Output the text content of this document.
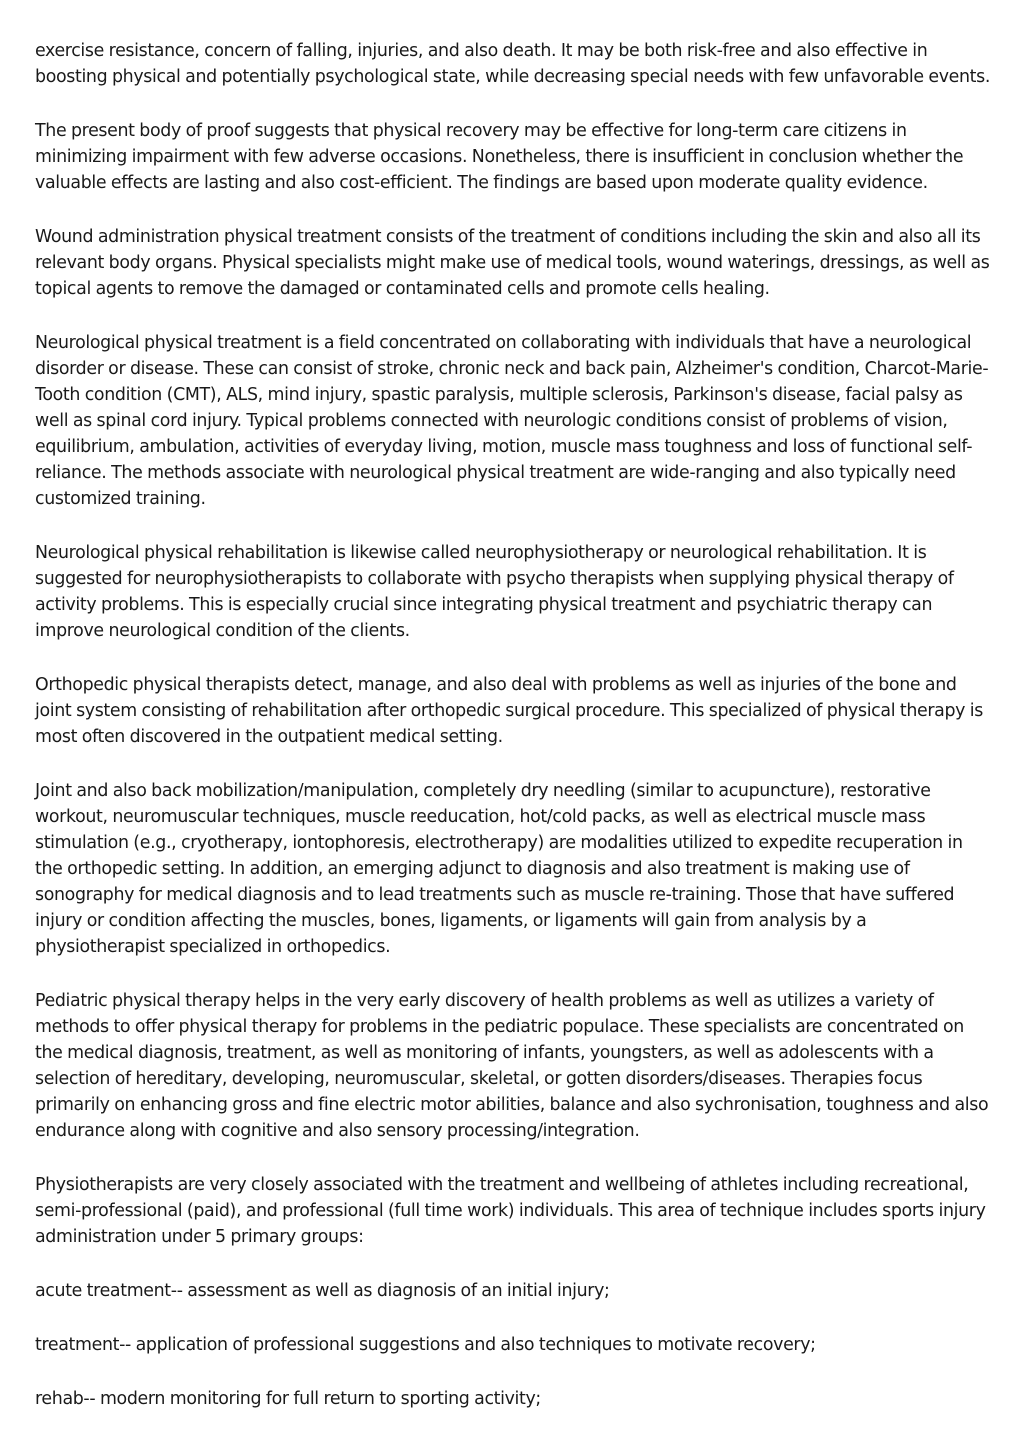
exercise resistance, concern of falling, injuries, and also death. It may be both risk-free and also effective in boosting physical and potentially psychological state, while decreasing special needs with few unfavorable events.

The present body of proof suggests that physical recovery may be effective for long-term care citizens in minimizing impairment with few adverse occasions. Nonetheless, there is insufficient in conclusion whether the valuable effects are lasting and also cost-efficient. The findings are based upon moderate quality evidence.

Wound administration physical treatment consists of the treatment of conditions including the skin and also all its relevant body organs. Physical specialists might make use of medical tools, wound waterings, dressings, as well as topical agents to remove the damaged or contaminated cells and promote cells healing.

Neurological physical treatment is a field concentrated on collaborating with individuals that have a neurological disorder or disease. These can consist of stroke, chronic neck and back pain, Alzheimer's condition, Charcot-Marie-Tooth condition (CMT), ALS, mind injury, spastic paralysis, multiple sclerosis, Parkinson's disease, facial palsy as well as spinal cord injury. Typical problems connected with neurologic conditions consist of problems of vision, equilibrium, ambulation, activities of everyday living, motion, muscle mass toughness and loss of functional self-reliance. The methods associate with neurological physical treatment are wide-ranging and also typically need customized training.

Neurological physical rehabilitation is likewise called neurophysiotherapy or neurological rehabilitation. It is suggested for neurophysiotherapists to collaborate with psycho therapists when supplying physical therapy of activity problems. This is especially crucial since integrating physical treatment and psychiatric therapy can improve neurological condition of the clients.

Orthopedic physical therapists detect, manage, and also deal with problems as well as injuries of the bone and joint system consisting of rehabilitation after orthopedic surgical procedure. This specialized of physical therapy is most often discovered in the outpatient medical setting.

Joint and also back mobilization/manipulation, completely dry needling (similar to acupuncture), restorative workout, neuromuscular techniques, muscle reeducation, hot/cold packs, as well as electrical muscle mass stimulation (e.g., cryotherapy, iontophoresis, electrotherapy) are modalities utilized to expedite recuperation in the orthopedic setting. In addition, an emerging adjunct to diagnosis and also treatment is making use of sonography for medical diagnosis and to lead treatments such as muscle re-training. Those that have suffered injury or condition affecting the muscles, bones, ligaments, or ligaments will gain from analysis by a physiotherapist specialized in orthopedics.

Pediatric physical therapy helps in the very early discovery of health problems as well as utilizes a variety of methods to offer physical therapy for problems in the pediatric populace. These specialists are concentrated on the medical diagnosis, treatment, as well as monitoring of infants, youngsters, as well as adolescents with a selection of hereditary, developing, neuromuscular, skeletal, or gotten disorders/diseases. Therapies focus primarily on enhancing gross and fine electric motor abilities, balance and also sychronisation, toughness and also endurance along with cognitive and also sensory processing/integration.

Physiotherapists are very closely associated with the treatment and wellbeing of athletes including recreational, semi-professional (paid), and professional (full time work) individuals. This area of technique includes sports injury administration under 5 primary groups:

acute treatment-- assessment as well as diagnosis of an initial injury;

treatment-- application of professional suggestions and also techniques to motivate recovery;

rehab-- modern monitoring for full return to sporting activity;
